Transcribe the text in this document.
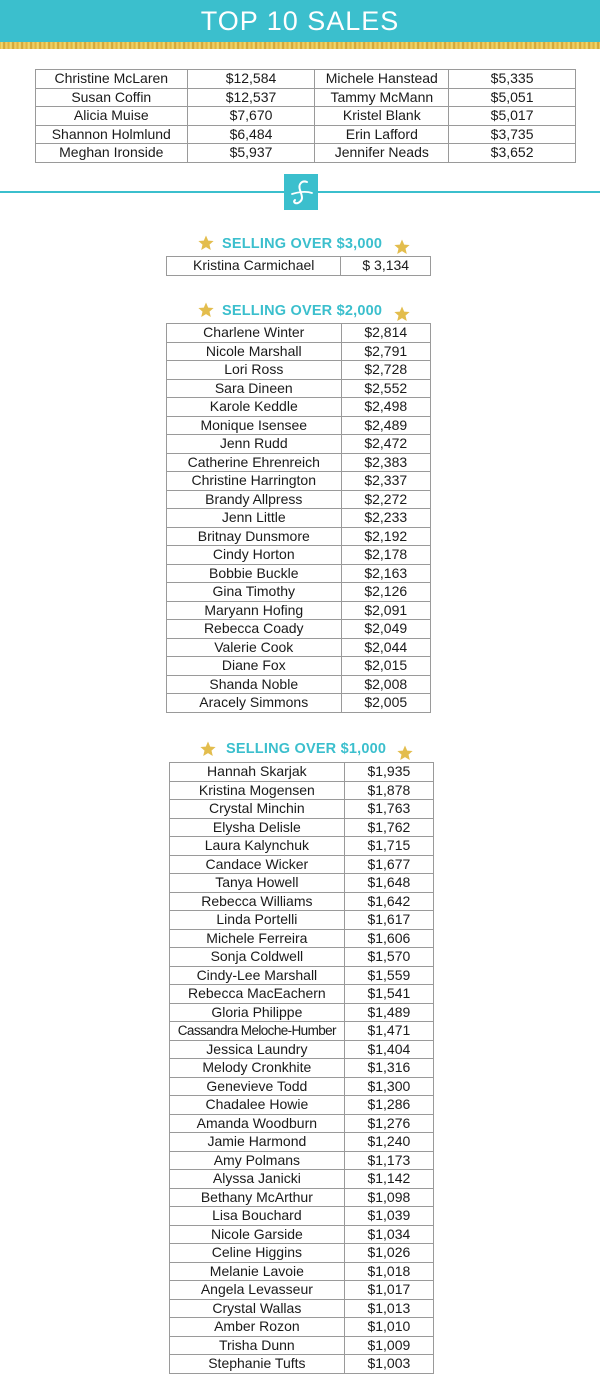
TOP 10 SALES
Christine McLaren	$12,584	Michele Hanstead	$5,335
Susan Coffin	$12,537	Tammy McMann	$5,051
Alicia Muise	$7,670	Kristel Blank	$5,017
Shannon Holmlund	$6,484	Erin Lafford	$3,735
Meghan Ironside	$5,937	Jennifer Neads	$3,652
SELLING OVER $3,000
Kristina Carmichael	$ 3,134
SELLING OVER $2,000
Charlene Winter	$2,814
Nicole Marshall	$2,791
Lori Ross	$2,728
Sara Dineen	$2,552
Karole Keddle	$2,498
Monique Isensee	$2,489
Jenn Rudd	$2,472
Catherine Ehrenreich	$2,383
Christine Harrington	$2,337
Brandy Allpress	$2,272
Jenn Little	$2,233
Britnay Dunsmore	$2,192
Cindy Horton	$2,178
Bobbie Buckle	$2,163
Gina Timothy	$2,126
Maryann Hofing	$2,091
Rebecca Coady	$2,049
Valerie Cook	$2,044
Diane Fox	$2,015
Shanda Noble	$2,008
Aracely Simmons	$2,005
SELLING OVER $1,000
Hannah Skarjak	$1,935
Kristina Mogensen	$1,878
Crystal Minchin	$1,763
Elysha Delisle	$1,762
Laura Kalynchuk	$1,715
Candace Wicker	$1,677
Tanya Howell	$1,648
Rebecca Williams	$1,642
Linda Portelli	$1,617
Michele Ferreira	$1,606
Sonja Coldwell	$1,570
Cindy-Lee Marshall	$1,559
Rebecca MacEachern	$1,541
Gloria Philippe	$1,489
Cassandra Meloche-Humber	$1,471
Jessica Laundry	$1,404
Melody Cronkhite	$1,316
Genevieve Todd	$1,300
Chadalee Howie	$1,286
Amanda Woodburn	$1,276
Jamie Harmond	$1,240
Amy Polmans	$1,173
Alyssa Janicki	$1,142
Bethany McArthur	$1,098
Lisa Bouchard	$1,039
Nicole Garside	$1,034
Celine Higgins	$1,026
Melanie Lavoie	$1,018
Angela Levasseur	$1,017
Crystal Wallas	$1,013
Amber Rozon	$1,010
Trisha Dunn	$1,009
Stephanie Tufts	$1,003
